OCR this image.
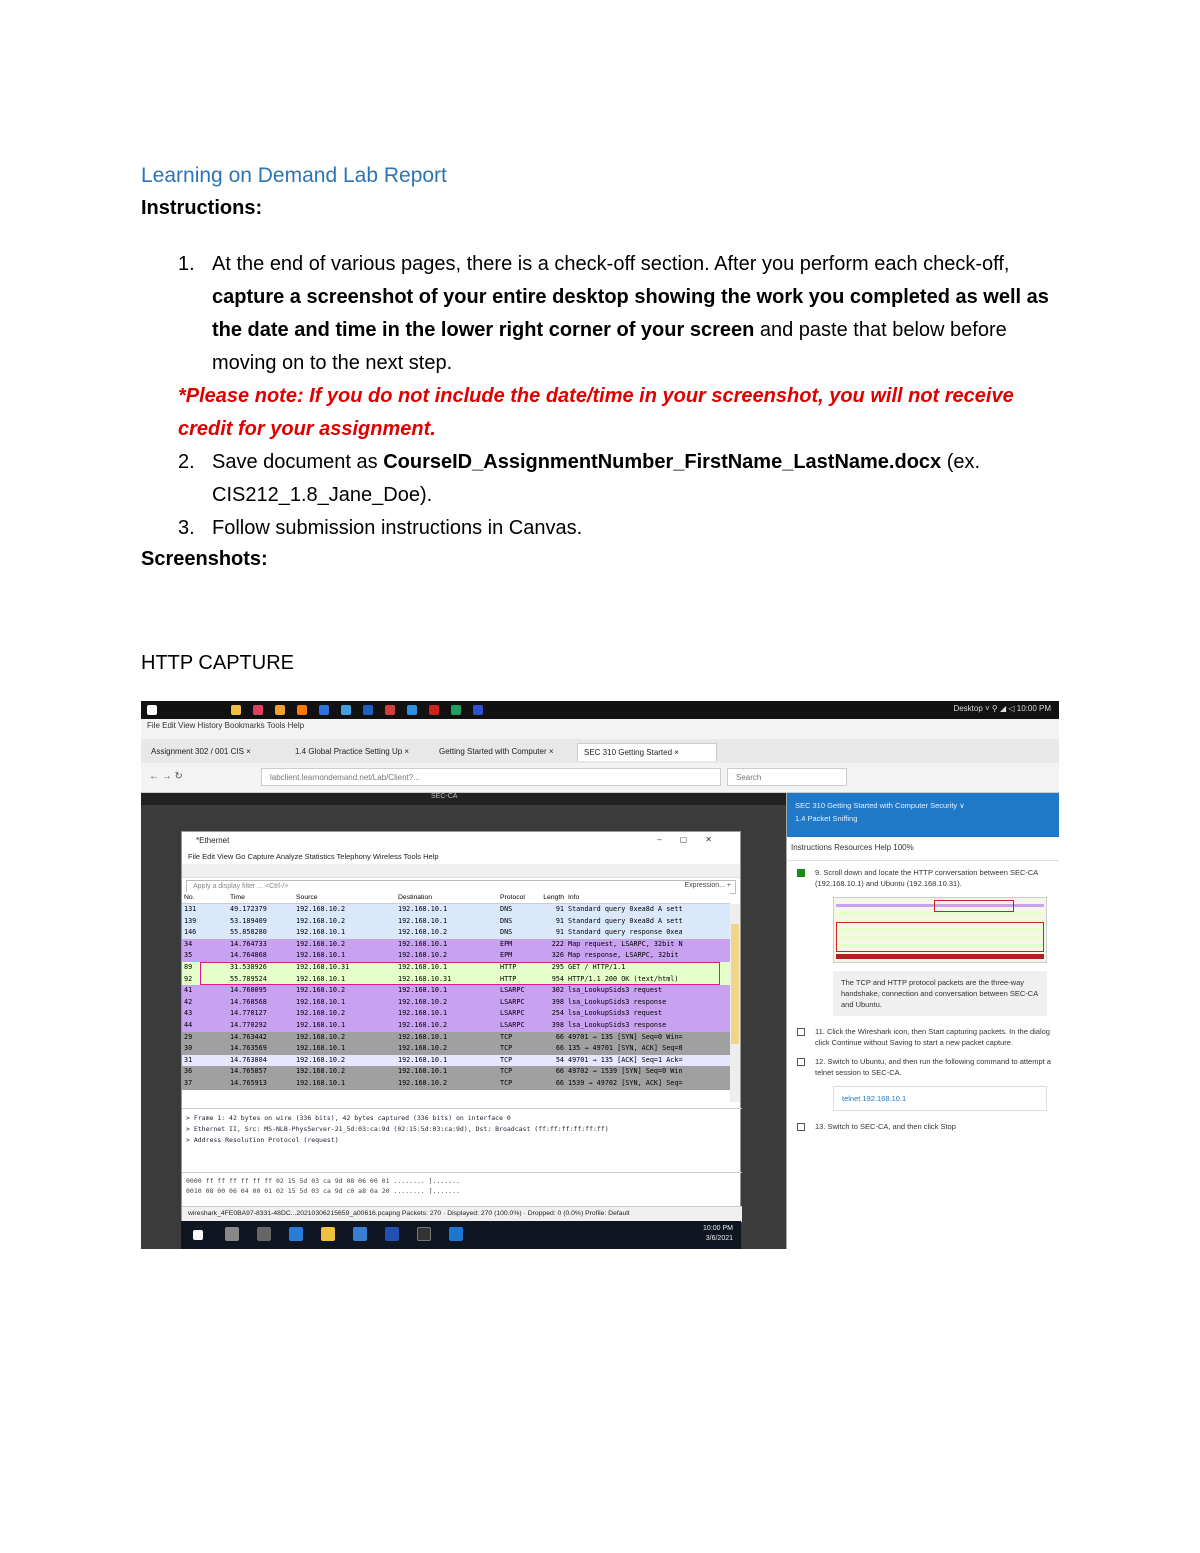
Learning on Demand Lab Report
Instructions:
1. At the end of various pages, there is a check-off section. After you perform each check-off, capture a screenshot of your entire desktop showing the work you completed as well as the date and time in the lower right corner of your screen and paste that below before moving on to the next step.
*Please note: If you do not include the date/time in your screenshot, you will not receive credit for your assignment.
2. Save document as CourseID_AssignmentNumber_FirstName_LastName.docx (ex. CIS212_1.8_Jane_Doe).
3. Follow submission instructions in Canvas.
Screenshots:
HTTP CAPTURE
Desktop ˅ ⚲ ◢ ◁ 10:00 PM
File Edit View History Bookmarks Tools Help
Assignment 302 / 001 CIS ×	1.4 Global Practice Setting Up ×	Getting Started with Computer ×	SEC 310 Getting Started ×
← → ↻	labclient.learnondemand.net/Lab/Client?...	Search
SEC-CA
*Ethernet	–▢✕
File Edit View Go Capture Analyze Statistics Telephony Wireless Tools Help
Apply a display filter ... <Ctrl-/>	Expression... +
No.	Time	Source	Destination	Protocol	Length Info
131	49.172379	192.168.10.2	192.168.10.1	DNS	91 Standard query 0xea8d A sett
139	53.189409	192.168.10.2	192.168.10.1	DNS	91 Standard query 0xea8d A sett
146	55.858280	192.168.10.1	192.168.10.2	DNS	91 Standard query response 0xea
34	14.764733	192.168.10.2	192.168.10.1	EPM	222 Map request, LSARPC, 32bit N
35	14.764868	192.168.10.1	192.168.10.2	EPM	326 Map response, LSARPC, 32bit
89	31.538926	192.168.10.31	192.168.10.1	HTTP	295 GET / HTTP/1.1
92	55.789524	192.168.10.1	192.168.10.31	HTTP	954 HTTP/1.1 200 OK (text/html)
41	14.768095	192.168.10.2	192.168.10.1	LSARPC	302 lsa_LookupSids3 request
42	14.768568	192.168.10.1	192.168.10.2	LSARPC	398 lsa_LookupSids3 response
43	14.770127	192.168.10.2	192.168.10.1	LSARPC	254 lsa_LookupSids3 request
44	14.770292	192.168.10.1	192.168.10.2	LSARPC	398 lsa_LookupSids3 response
29	14.763442	192.168.10.2	192.168.10.1	TCP	66 49701 → 135 [SYN] Seq=0 Win=
30	14.763569	192.168.10.1	192.168.10.2	TCP	66 135 → 49701 [SYN, ACK] Seq=0
31	14.763804	192.168.10.2	192.168.10.1	TCP	54 49701 → 135 [ACK] Seq=1 Ack=
36	14.765857	192.168.10.2	192.168.10.1	TCP	66 49702 → 1539 [SYN] Seq=0 Win
37	14.765913	192.168.10.1	192.168.10.2	TCP	66 1539 → 49702 [SYN, ACK] Seq=
> Frame 1: 42 bytes on wire (336 bits), 42 bytes captured (336 bits) on interface 0
> Ethernet II, Src: MS-NLB-PhysServer-21_5d:03:ca:9d (02:15:5d:03:ca:9d), Dst: Broadcast (ff:ff:ff:ff:ff:ff)
> Address Resolution Protocol (request)
0000 ff ff ff ff ff ff 02 15 5d 03 ca 9d 08 06 00 01 ........ ].......
0010 08 00 06 04 00 01 02 15 5d 03 ca 9d c0 a8 0a 20 ........ ].......
wireshark_4FE0BA97-8331-48DC...20210306215659_a00616.pcapng Packets: 270 · Displayed: 270 (100.0%) · Dropped: 0 (0.0%) Profile: Default
10:00 PM
3/6/2021
SEC 310 Getting Started with Computer Security ∨
1.4 Packet Sniffing
Instructions Resources Help 100%
9. Scroll down and locate the HTTP conversation between SEC-CA (192.168.10.1) and Ubuntu (192.168.10.31).
The TCP and HTTP protocol packets are the three-way handshake, connection and conversation between SEC-CA and Ubuntu.
11. Click the Wireshark icon, then Start capturing packets. In the dialog click Continue without Saving to start a new packet capture.
12. Switch to Ubuntu, and then run the following command to attempt a telnet session to SEC-CA.
telnet 192.168.10.1
13. Switch to SEC-CA, and then click Stop
